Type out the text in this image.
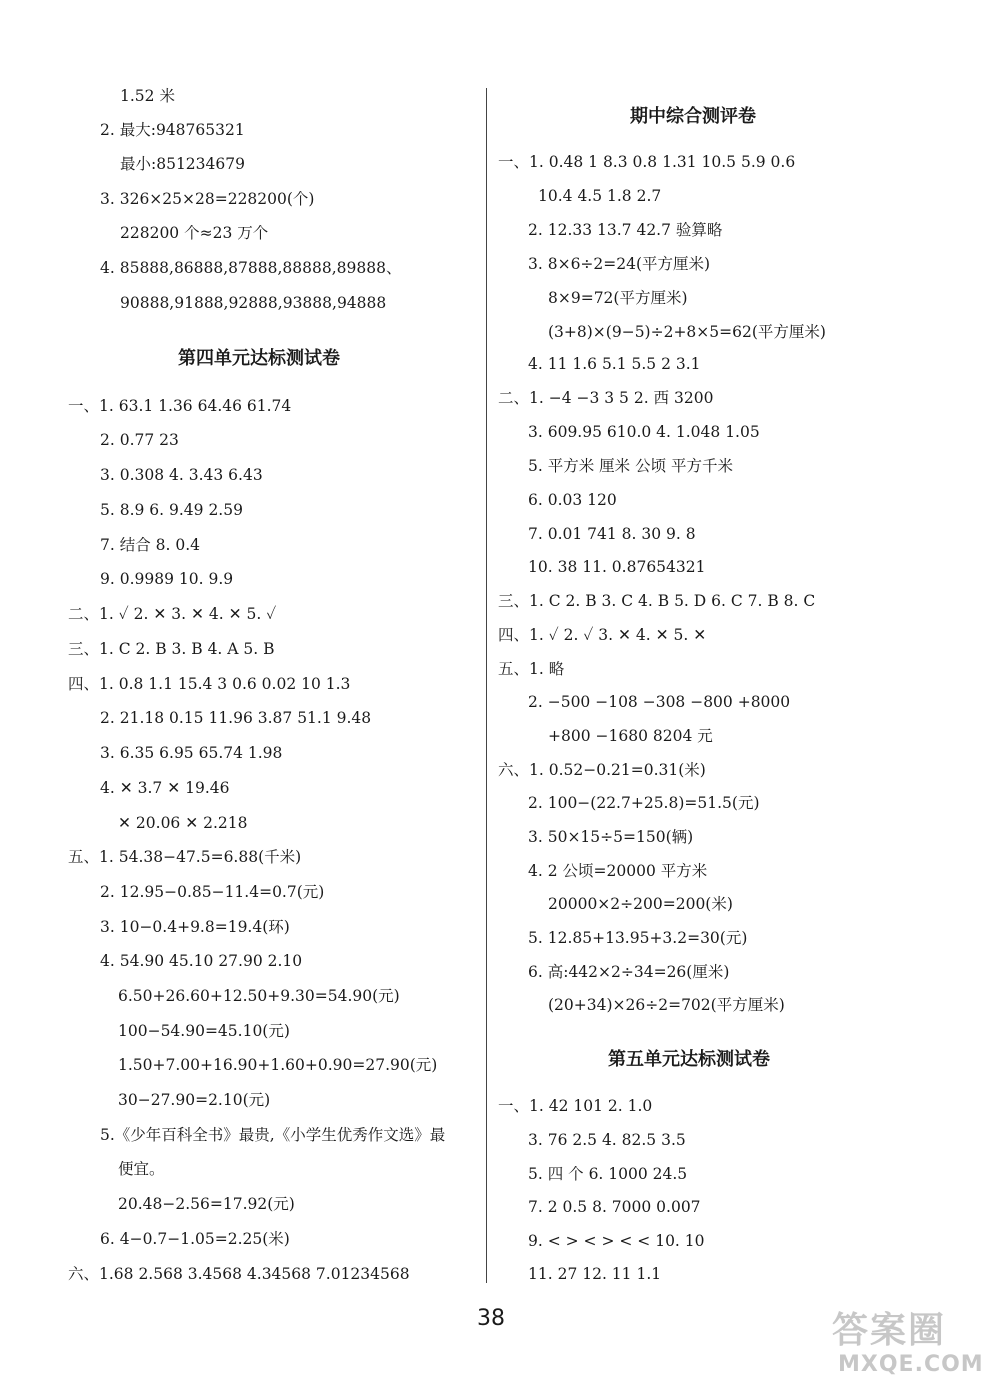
1.52 米
2. 最大:948765321
最小:851234679
3. 326×25×28=228200(个)
228200 个≈23 万个
4. 85888,86888,87888,88888,89888、
90888,91888,92888,93888,94888
第四单元达标测试卷
一、1. 63.1 1.36 64.46 61.74
2. 0.77 23
3. 0.308 4. 3.43 6.43
5. 8.9 6. 9.49 2.59
7. 结合 8. 0.4
9. 0.9989 10. 9.9
二、1. ✓ 2. ✕ 3. ✕ 4. ✕ 5. ✓
三、1. C 2. B 3. B 4. A 5. B
四、1. 0.8 1.1 15.4 3 0.6 0.02 10 1.3
2. 21.18 0.15 11.96 3.87 51.1 9.48
3. 6.35 6.95 65.74 1.98
4. ✕ 3.7 ✕ 19.46
✕ 20.06 ✕ 2.218
五、1. 54.38−47.5=6.88(千米)
2. 12.95−0.85−11.4=0.7(元)
3. 10−0.4+9.8=19.4(环)
4. 54.90 45.10 27.90 2.10
6.50+26.60+12.50+9.30=54.90(元)
100−54.90=45.10(元)
1.50+7.00+16.90+1.60+0.90=27.90(元)
30−27.90=2.10(元)
5.《少年百科全书》最贵,《小学生优秀作文选》最
便宜。
20.48−2.56=17.92(元)
6. 4−0.7−1.05=2.25(米)
六、1.68 2.568 3.4568 4.34568 7.01234568
期中综合测评卷
一、1. 0.48 1 8.3 0.8 1.31 10.5 5.9 0.6
10.4 4.5 1.8 2.7
2. 12.33 13.7 42.7 验算略
3. 8×6÷2=24(平方厘米)
8×9=72(平方厘米)
(3+8)×(9−5)÷2+8×5=62(平方厘米)
4. 11 1.6 5.1 5.5 2 3.1
二、1. −4 −3 3 5 2. 西 3200
3. 609.95 610.0 4. 1.048 1.05
5. 平方米 厘米 公顷 平方千米
6. 0.03 120
7. 0.01 741 8. 30 9. 8
10. 38 11. 0.87654321
三、1. C 2. B 3. C 4. B 5. D 6. C 7. B 8. C
四、1. ✓ 2. ✓ 3. ✕ 4. ✕ 5. ✕
五、1. 略
2. −500 −108 −308 −800 +8000
+800 −1680 8204 元
六、1. 0.52−0.21=0.31(米)
2. 100−(22.7+25.8)=51.5(元)
3. 50×15÷5=150(辆)
4. 2 公顷=20000 平方米
20000×2÷200=200(米)
5. 12.85+13.95+3.2=30(元)
6. 高:442×2÷34=26(厘米)
(20+34)×26÷2=702(平方厘米)
第五单元达标测试卷
一、1. 42 101 2. 1.0
3. 76 2.5 4. 82.5 3.5
5. 四 个 6. 1000 24.5
7. 2 0.5 8. 7000 0.007
9. < > < > < < 10. 10
11. 27 12. 11 1.1
38	答案圈
MXQE.COM
